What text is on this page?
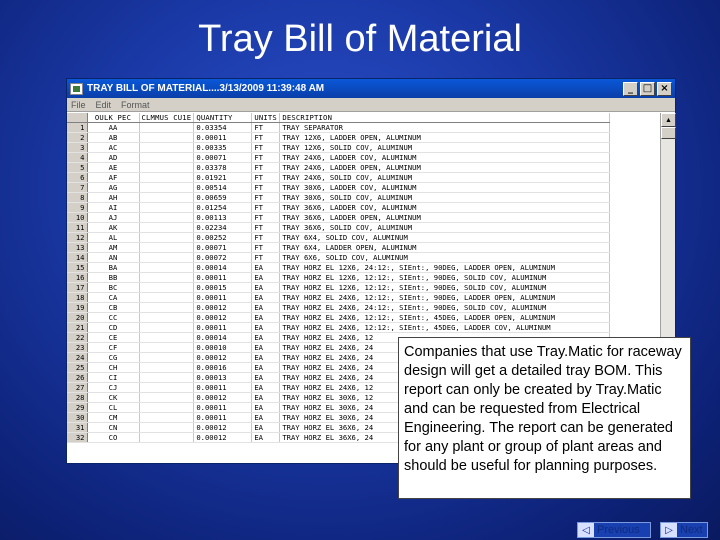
Tray Bill of Material
TRAY BILL OF MATERIAL....3/13/2009 11:39:48 AM	_ □ ×
File Edit Format
	OULK PEC	CLMMUS CU1E	QUANTITY	UNITS	DESCRIPTION
1	AA		0.03354	FT	TRAY SEPARATOR
2	AB		0.00011	FT	TRAY 12X6, LADDER OPEN, ALUMINUM
3	AC		0.00335	FT	TRAY 12X6, SOLID COV, ALUMINUM
4	AD		0.00071	FT	TRAY 24X6, LADDER COV, ALUMINUM
5	AE		0.03378	FT	TRAY 24X6, LADDER OPEN, ALUMINUM
6	AF		0.01921	FT	TRAY 24X6, SOLID COV, ALUMINUM
7	AG		0.00514	FT	TRAY 30X6, LADDER COV, ALUMINUM
8	AH		0.00659	FT	TRAY 30X6, SOLID COV, ALUMINUM
9	AI		0.01254	FT	TRAY 36X6, LADDER COV, ALUMINUM
10	AJ		0.00113	FT	TRAY 36X6, LADDER OPEN, ALUMINUM
11	AK		0.02234	FT	TRAY 36X6, SOLID COV, ALUMINUM
12	AL		0.00252	FT	TRAY 6X4, SOLID COV, ALUMINUM
13	AM		0.00071	FT	TRAY 6X4, LADDER OPEN, ALUMINUM
14	AN		0.00072	FT	TRAY 6X6, SOLID COV, ALUMINUM
15	BA		0.00014	EA	TRAY HORZ EL 12X6, 24:12:, SIEnt:, 90DEG, LADDER OPEN, ALUMINUM
16	BB		0.00011	EA	TRAY HORZ EL 12X6, 12:12:, SIEnt:, 90DEG, SOLID COV, ALUMINUM
17	BC		0.00015	EA	TRAY HORZ EL 12X6, 12:12:, SIEnt:, 90DEG, SOLID COV, ALUMINUM
18	CA		0.00011	EA	TRAY HORZ EL 24X6, 12:12:, SIEnt:, 90DEG, LADDER OPEN, ALUMINUM
19	CB		0.00012	EA	TRAY HORZ EL 24X6, 24:12:, SIEnt:, 90DEG, SOLID COV, ALUMINUM
20	CC		0.00012	EA	TRAY HORZ EL 24X6, 12:12:, SIEnt:, 45DEG, LADDER OPEN, ALUMINUM
21	CD		0.00011	EA	TRAY HORZ EL 24X6, 12:12:, SIEnt:, 45DEG, LADDER COV, ALUMINUM
22	CE		0.00014	EA	TRAY HORZ EL 24X6, 12
23	CF		0.00010	EA	TRAY HORZ EL 24X6, 24
24	CG		0.00012	EA	TRAY HORZ EL 24X6, 24
25	CH		0.00016	EA	TRAY HORZ EL 24X6, 24
26	CI		0.00013	EA	TRAY HORZ EL 24X6, 24
27	CJ		0.00011	EA	TRAY HORZ EL 24X6, 12
28	CK		0.00012	EA	TRAY HORZ EL 30X6, 12
29	CL		0.00011	EA	TRAY HORZ EL 30X6, 24
30	CM		0.00011	EA	TRAY HORZ EL 30X6, 24
31	CN		0.00012	EA	TRAY HORZ EL 36X6, 24
32	CO		0.00012	EA	TRAY HORZ EL 36X6, 24
▲
Companies that use Tray.Matic for raceway design will get a detailed tray BOM. This report can only be created by Tray.Matic and can be requested from Electrical Engineering. The report can be generated for any plant or group of plant areas and should be useful for planning purposes.
◁ Previous	▷ Next
